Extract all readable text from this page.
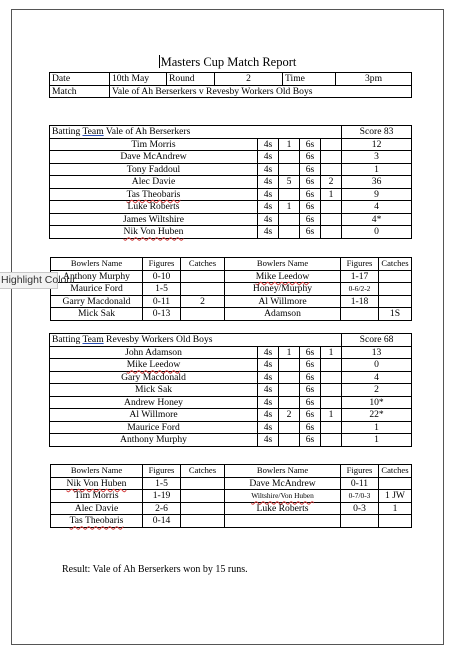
Masters Cup Match Report
Date	10th May	Round	2	Time	3pm
Match	Vale of Ah Berserkers v Revesby Workers Old Boys				
Batting Team Vale of Ah Berserkers					Score 83
Tim Morris	4s	1	6s		12
Dave McAndrew	4s		6s		3
Tony Faddoul	4s		6s		1
Alec Davie	4s	5	6s	2	36
Tas Theobaris	4s		6s	1	9
Luke Roberts	4s	1	6s		4
James Wiltshire	4s		6s		4*
Nik Von Huben	4s		6s		0
Bowlers Name	Figures	Catches	Bowlers Name	Figures	Catches
Anthony Murphy	0-10		Mike Leedow	1-17	
Maurice Ford	1-5		Honey/Murphy	0-6/2-2	
Garry Macdonald	0-11	2	Al Willmore	1-18	
Mick Sak	0-13		Adamson		1S
Batting Team Revesby Workers Old Boys					Score 68
John Adamson	4s	1	6s	1	13
Mike Leedow	4s		6s		0
Gary Macdonald	4s		6s		4
Mick Sak	4s		6s		2
Andrew Honey	4s		6s		10*
Al Willmore	4s	2	6s	1	22*
Maurice Ford	4s		6s		1
Anthony Murphy	4s		6s		1
Bowlers Name	Figures	Catches	Bowlers Name	Figures	Catches
Nik Von Huben	1-5		Dave McAndrew	0-11	
Tim Morris	1-19		Wiltshire/Von Huben	0-7/0-3	1 JW
Alec Davie	2-6		Luke Roberts	0-3	1
Tas Theobaris	0-14				
Result: Vale of Ah Berserkers won by 15 runs.
Highlight Colour
